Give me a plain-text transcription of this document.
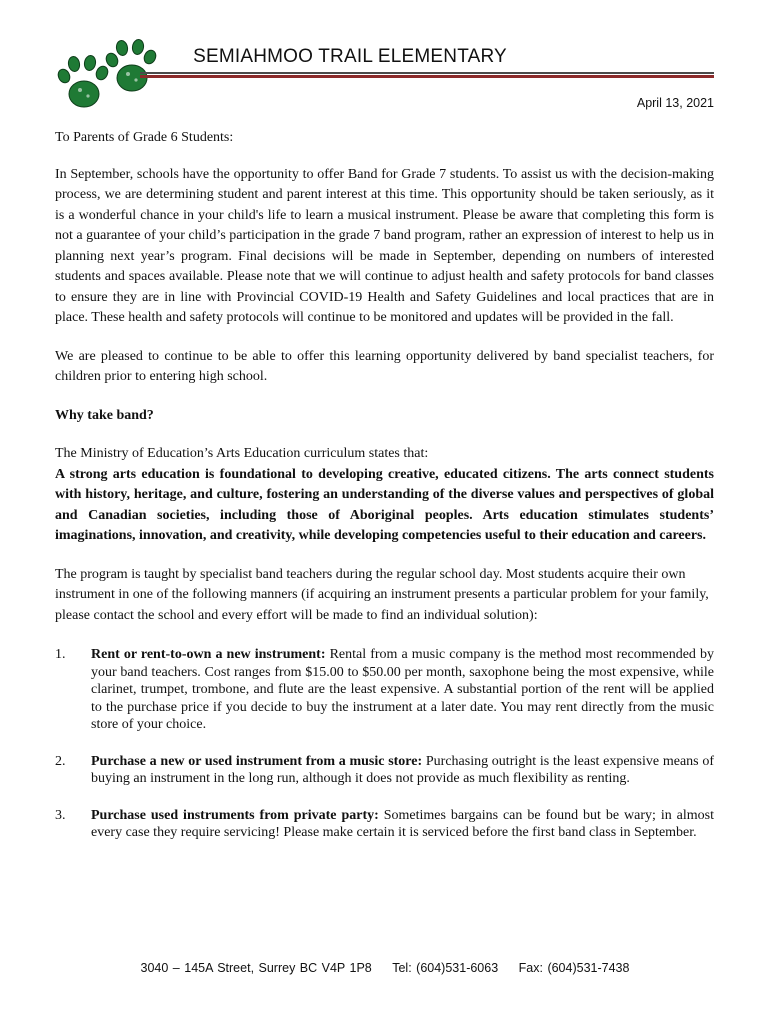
SEMIAHMOO TRAIL ELEMENTARY
April 13, 2021

To Parents of Grade 6 Students:

In September, schools have the opportunity to offer Band for Grade 7 students. To assist us with the decision-making process, we are determining student and parent interest at this time. This opportunity should be taken seriously, as it is a wonderful chance in your child's life to learn a musical instrument. Please be aware that completing this form is not a guarantee of your child’s participation in the grade 7 band program, rather an expression of interest to help us in planning next year’s program. Final decisions will be made in September, depending on numbers of interested students and spaces available. Please note that we will continue to adjust health and safety protocols for band classes to ensure they are in line with Provincial COVID-19 Health and Safety Guidelines and local practices that are in place. These health and safety protocols will continue to be monitored and updates will be provided in the fall.

We are pleased to continue to be able to offer this learning opportunity delivered by band specialist teachers, for children prior to entering high school.

Why take band?

The Ministry of Education’s Arts Education curriculum states that:

A strong arts education is foundational to developing creative, educated citizens. The arts connect students with history, heritage, and culture, fostering an understanding of the diverse values and perspectives of global and Canadian societies, including those of Aboriginal peoples. Arts education stimulates students’ imaginations, innovation, and creativity, while developing competencies useful to their education and careers.

The program is taught by specialist band teachers during the regular school day. Most students acquire their own instrument in one of the following manners (if acquiring an instrument presents a particular problem for your family, please contact the school and every effort will be made to find an individual solution):

1. Rent or rent-to-own a new instrument: Rental from a music company is the method most recommended by your band teachers. Cost ranges from $15.00 to $50.00 per month, saxophone being the most expensive, while clarinet, trumpet, trombone, and flute are the least expensive. A substantial portion of the rent will be applied to the purchase price if you decide to buy the instrument at a later date. You may rent directly from the music store of your choice.
2. Purchase a new or used instrument from a music store: Purchasing outright is the least expensive means of buying an instrument in the long run, although it does not provide as much flexibility as renting.
3. Purchase used instruments from private party: Sometimes bargains can be found but be wary; in almost every case they require servicing! Please make certain it is serviced before the first band class in September.
3040 – 145A Street, Surrey BC V4P 1P8 Tel: (604)531-6063 Fax: (604)531-7438
